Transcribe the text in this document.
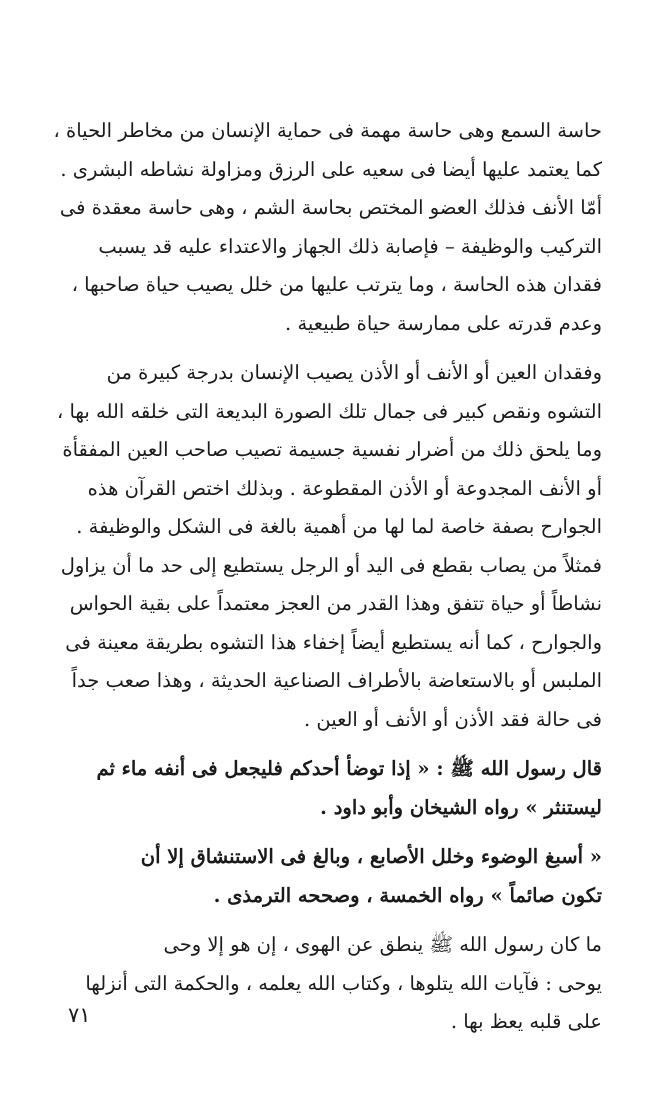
حاسة السمع وهى حاسة مهمة فى حماية الإنسان من مخاطر الحياة ،
كما يعتمد عليها أيضا فى سعيه على الرزق ومزاولة نشاطه البشرى .
أمّا الأنف فذلك العضو المختص بحاسة الشم ، وهى حاسة معقدة فى
التركيب والوظيفة – فإصابة ذلك الجهاز والاعتداء عليه قد يسبب
فقدان هذه الحاسة ، وما يترتب عليها من خلل يصيب حياة صاحبها ،
وعدم قدرته على ممارسة حياة طبيعية .

وفقدان العين أو الأنف أو الأذن يصيب الإنسان بدرجة كبيرة من
التشوه ونقص كبير فى جمال تلك الصورة البديعة التى خلقه الله بها ،
وما يلحق ذلك من أضرار نفسية جسيمة تصيب صاحب العين المفقأة
أو الأنف المجدوعة أو الأذن المقطوعة . وبذلك اختص القرآن هذه
الجوارح بصفة خاصة لما لها من أهمية بالغة فى الشكل والوظيفة .
فمثلاً من يصاب بقطع فى اليد أو الرجل يستطيع إلى حد ما أن يزاول
نشاطاً أو حياة تتفق وهذا القدر من العجز معتمداً على بقية الحواس
والجوارح ، كما أنه يستطيع أيضاً إخفاء هذا التشوه بطريقة معينة فى
الملبس أو بالاستعاضة بالأطراف الصناعية الحديثة ، وهذا صعب جداً
فى حالة فقد الأذن أو الأنف أو العين .

قال رسول الله ﷺ : « إذا توضأ أحدكم فليجعل فى أنفه ماء ثم
ليستنثر » رواه الشيخان وأبو داود .

« أسبغ الوضوء وخلل الأصابع ، وبالغ فى الاستنشاق إلا أن
تكون صائماً » رواه الخمسة ، وصححه الترمذى .

ما كان رسول الله ﷺ ينطق عن الهوى ، إن هو إلا وحى
يوحى : فآيات الله يتلوها ، وكتاب الله يعلمه ، والحكمة التى أنزلها
على قلبه يعظ بها .

٧١
